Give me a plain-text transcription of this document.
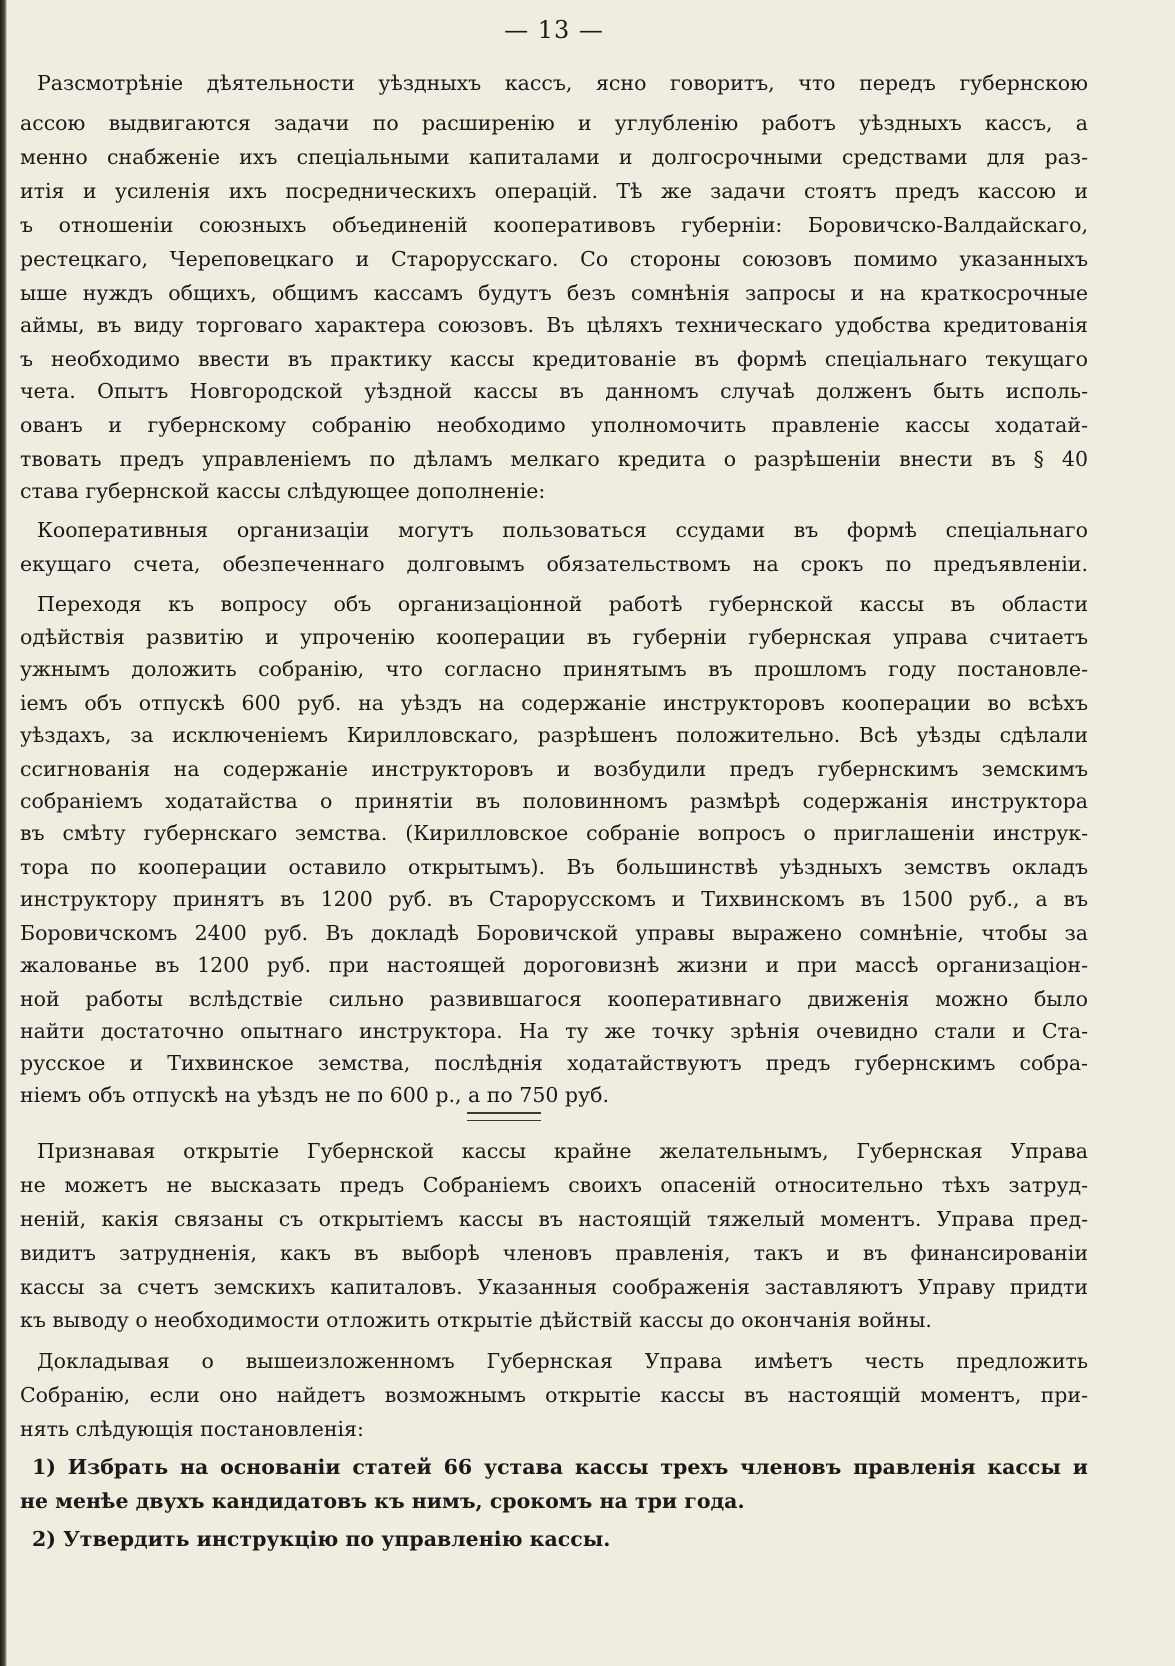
— 13 —
Разсмотрѣніе дѣятельности уѣздныхъ кассъ, ясно говоритъ, что передъ губернскою
ассою выдвигаются задачи по расширенію и углубленію работъ уѣздныхъ кассъ, а
менно снабженіе ихъ спеціальными капиталами и долгосрочными средствами для раз-
итія и усиленія ихъ посредническихъ операцій. Тѣ же задачи стоятъ предъ кассою и
ъ отношеніи союзныхъ объединеній кооперативовъ губерніи: Боровичско-Валдайскаго,
рестецкаго, Череповецкаго и Старорусскаго. Со стороны союзовъ помимо указанныхъ
ыше нуждъ общихъ, общимъ кассамъ будутъ безъ сомнѣнія запросы и на краткосрочные
аймы, въ виду торговаго характера союзовъ. Въ цѣляхъ техническаго удобства кредитованія
ъ необходимо ввести въ практику кассы кредитованіе въ формѣ спеціальнаго текущаго
чета. Опытъ Новгородской уѣздной кассы въ данномъ случаѣ долженъ быть исполь-
ованъ и губернскому собранію необходимо уполномочить правленіе кассы ходатай-
твовать предъ управленіемъ по дѣламъ мелкаго кредита о разрѣшеніи внести въ § 40
става губернской кассы слѣдующее дополненіе:
Кооперативныя организаціи могутъ пользоваться ссудами въ формѣ спеціальнаго
екущаго счета, обезпеченнаго долговымъ обязательствомъ на срокъ по предъявленіи.
Переходя къ вопросу объ организаціонной работѣ губернской кассы въ области
одѣйствія развитію и упроченію кооперации въ губерніи губернская управа считаетъ
ужнымъ доложить собранію, что согласно принятымъ въ прошломъ году постановле-
іемъ объ отпускѣ 600 руб. на уѣздъ на содержаніе инструкторовъ кооперации во всѣхъ
уѣздахъ, за исключеніемъ Кирилловскаго, разрѣшенъ положительно. Всѣ уѣзды сдѣлали
ссигнованія на содержаніе инструкторовъ и возбудили предъ губернскимъ земскимъ
собраніемъ ходатайства о принятіи въ половинномъ размѣрѣ содержанія инструктора
въ смѣту губернскаго земства. (Кирилловское собраніе вопросъ о приглашеніи инструк-
тора по кооперации оставило открытымъ). Въ большинствѣ уѣздныхъ земствъ окладъ
инструктору принятъ въ 1200 руб. въ Старорусскомъ и Тихвинскомъ въ 1500 руб., а въ
Боровичскомъ 2400 руб. Въ докладѣ Боровичской управы выражено сомнѣніе, чтобы за
жалованье въ 1200 руб. при настоящей дороговизнѣ жизни и при массѣ организаціон-
ной работы вслѣдствіе сильно развившагося кооперативнаго движенія можно было
найти достаточно опытнаго инструктора. На ту же точку зрѣнія очевидно стали и Ста-
русское и Тихвинское земства, послѣднія ходатайствуютъ предъ губернскимъ собра-
ніемъ объ отпускѣ на уѣздъ не по 600 р., а по 750 руб.
Признавая открытіе Губернской кассы крайне желательнымъ, Губернская Управа
не можетъ не высказать предъ Собраніемъ своихъ опасеній относительно тѣхъ затруд-
неній, какія связаны съ открытіемъ кассы въ настоящій тяжелый моментъ. Управа пред-
видитъ затрудненія, какъ въ выборѣ членовъ правленія, такъ и въ финансированіи
кассы за счетъ земскихъ капиталовъ. Указанныя соображенія заставляютъ Управу придти
къ выводу о необходимости отложить открытіе дѣйствій кассы до окончанія войны.
Докладывая о вышеизложенномъ Губернская Управа имѣетъ честь предложить
Собранію, если оно найдетъ возможнымъ открытіе кассы въ настоящій моментъ, при-
нять слѣдующія постановленія:
1) Избрать на основаніи статей 66 устава кассы трехъ членовъ правленія кассы и
не менѣе двухъ кандидатовъ къ нимъ, срокомъ на три года.
2) Утвердить инструкцію по управленію кассы.
